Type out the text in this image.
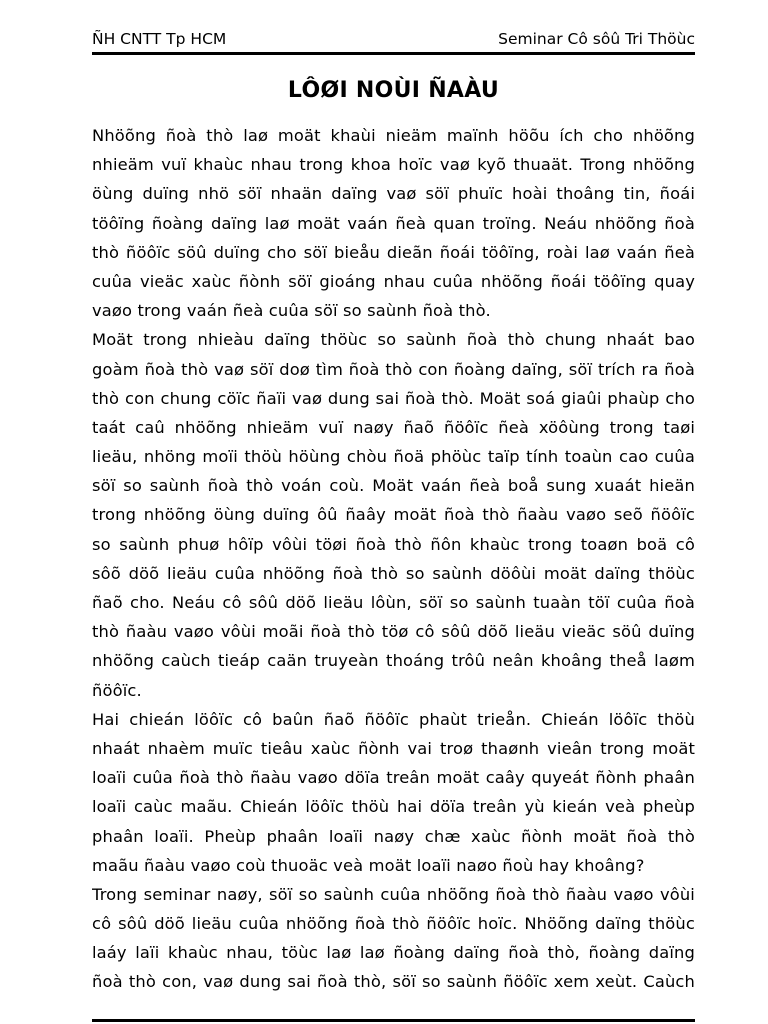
ÑH CNTT Tp HCM	Seminar Cô sôû Tri Thöùc
LÔØI NOÙI ÑAÀU
Nhöõng ñoà thò laø moät khaùi nieäm maïnh höõu ích cho nhöõng
nhieäm vuï khaùc nhau trong khoa hoïc vaø kyõ thuaät. Trong nhöõng
öùng duïng nhö söï nhaän daïng vaø söï phuïc hoài thoâng tin, ñoái
töôïng ñoàng daïng laø moät vaán ñeà quan troïng. Neáu nhöõng ñoà
thò ñöôïc söû duïng cho söï bieåu dieãn ñoái töôïng, roài laø vaán ñeà
cuûa vieäc xaùc ñònh söï gioáng nhau cuûa nhöõng ñoái töôïng quay
vaøo trong vaán ñeà cuûa söï so saùnh ñoà thò.
Moät trong nhieàu daïng thöùc so saùnh ñoà thò chung nhaát bao
goàm ñoà thò vaø söï doø tìm ñoà thò con ñoàng daïng, söï trích ra ñoà
thò con chung cöïc ñaïi vaø dung sai ñoà thò. Moät soá giaûi phaùp cho
taát caû nhöõng nhieäm vuï naøy ñaõ ñöôïc ñeà xöôùng trong taøi
lieäu, nhöng moïi thöù höùng chòu ñoä phöùc taïp tính toaùn cao cuûa
söï so saùnh ñoà thò voán coù. Moät vaán ñeà boå sung xuaát hieän
trong nhöõng öùng duïng ôû ñaây moät ñoà thò ñaàu vaøo seõ ñöôïc
so saùnh phuø hôïp vôùi töøi ñoà thò ñôn khaùc trong toaøn boä cô
sôõ döõ lieäu cuûa nhöõng ñoà thò so saùnh döôùi moät daïng thöùc
ñaõ cho. Neáu cô sôû döõ lieäu lôùn, söï so saùnh tuaàn töï cuûa ñoà
thò ñaàu vaøo vôùi moãi ñoà thò töø cô sôû döõ lieäu vieäc söû duïng
nhöõng caùch tieáp caän truyeàn thoáng trôû neân khoâng theå laøm
ñöôïc.
Hai chieán löôïc cô baûn ñaõ ñöôïc phaùt trieån. Chieán löôïc thöù
nhaát nhaèm muïc tieâu xaùc ñònh vai troø thaønh vieân trong moät
loaïi cuûa ñoà thò ñaàu vaøo döïa treân moät caây quyeát ñònh phaân
loaïi caùc maãu. Chieán löôïc thöù hai döïa treân yù kieán veà pheùp
phaân loaïi. Pheùp phaân loaïi naøy chæ xaùc ñònh moät ñoà thò
maãu ñaàu vaøo coù thuoäc veà moät loaïi naøo ñoù hay khoâng?
Trong seminar naøy, söï so saùnh cuûa nhöõng ñoà thò ñaàu vaøo vôùi
cô sôû döõ lieäu cuûa nhöõng ñoà thò ñöôïc hoïc. Nhöõng daïng thöùc
laáy laïi khaùc nhau, töùc laø laø ñoàng daïng ñoà thò, ñoàng daïng
ñoà thò con, vaø dung sai ñoà thò, söï so saùnh ñöôïc xem xeùt. Caùch
